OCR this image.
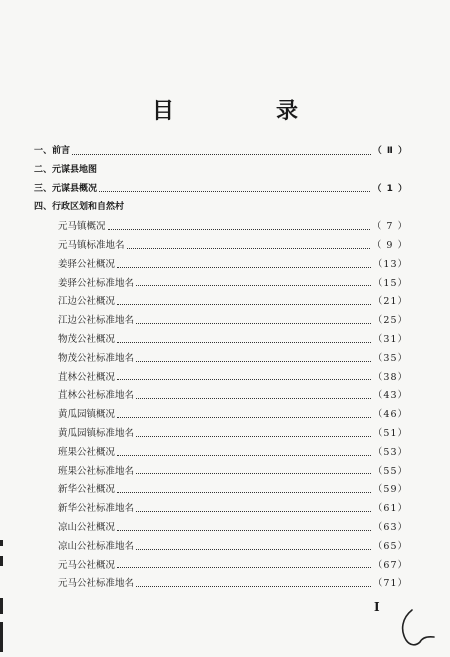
目　录
一、前言	（ Ⅱ ）
二、元谋县地图
三、元谋县概况	（ 1 ）
四、行政区划和自然村
元马镇概况	（ 7 ）
元马镇标准地名	（ 9 ）
姜驿公社概况	（13）
姜驿公社标准地名	（15）
江边公社概况	（21）
江边公社标准地名	（25）
物茂公社概况	（31）
物茂公社标准地名	（35）
苴林公社概况	（38）
苴林公社标准地名	（43）
黄瓜园镇概况	（46）
黄瓜园镇标准地名	（51）
班果公社概况	（53）
班果公社标准地名	（55）
新华公社概况	（59）
新华公社标准地名	（61）
凉山公社概况	（63）
凉山公社标准地名	（65）
元马公社概况	（67）
元马公社标准地名	（71）
I
